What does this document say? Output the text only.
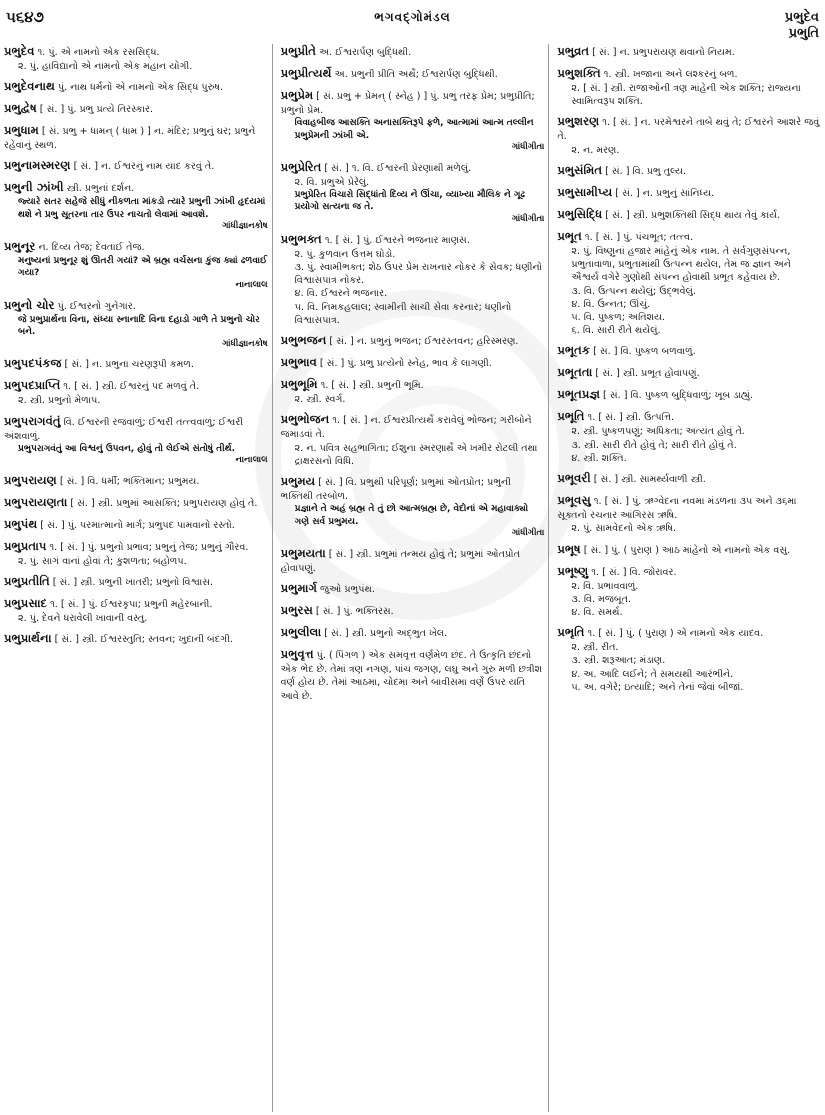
૫૬૪૭	ભગવદ્ગોમંડલ	પ્રભુદેવ
પ્રભુતિ

પ્રભુદેવ ૧. પું. એ નામનો એક રસસિદ્ધ.

૨. પું. હાવિદ્યાનો એ નામનો એક મહાન યોગી.

પ્રભુદેવનાથ પું. નાથ ધર્મનો એ નામનો એક સિદ્ધ પુરુષ.

પ્રભુદ્વેષ [ સં. ] પું. પ્રભુ પ્રત્યે તિરસ્કાર.

પ્રભુધામ [ સં. પ્રભુ + ધામન્ ( ધામ ) ] ન. મંદિર; પ્રભુનું ઘર; પ્રભુને રહેવાનું સ્થળ.

પ્રભુનામસ્મરણ [ સં. ] ન. ઈશ્વરનું નામ યાદ કરવું તે.

પ્રભુની ઝાંખી સ્ત્રી. પ્રભુનાં દર્શન.

જ્યારે સતર સહેજે સીધું નીકળતા માંકડો ત્યારે પ્રભુની ઝાંખી હૃદયમાં થશે ને પ્રભુ સૂતરના તાર ઉપર નાચતો લેવામાં આવશે.
ગાંધીજ્ઞાનકોષ

પ્રભુનૂર ન. દિવ્ય તેજ; દેવતાઈ તેજ.

મનુષ્યનાં પ્રભુનૂર શું ઊતરી ગયાં? એ બ્રહ્મ વર્ચસના કુંજ ક્યાં ઢળવાઈ ગયા?
નાનાલાલ

પ્રભુનો ચોર પું. ઈશ્વરનો ગુનેગાર.

જે પ્રભુપ્રાર્થના વિના, સંધ્યા સ્નાનાદિ વિના દહાડો ગાળે તે પ્રભુનો ચોર બને.
ગાંધીજ્ઞાનકોષ

પ્રભુપદપંકજ [ સં. ] ન. પ્રભુના ચરણરૂપી કમળ.

પ્રભુપદપ્રાપ્તિ ૧. [ સં. ] સ્ત્રી. ઈશ્વરનું પદ મળવું તે.

૨. સ્ત્રી. પ્રભુનો મેળાપ.

પ્રભુપરાગવંતું વિ. ઈશ્વરની રજવાળું; ઈશ્વરી તત્ત્વવાળું; ઈશ્વરી અંશવાળું.

પ્રભુપરાગવંતું આ વિશ્વનું ઉપવન, હોવું તો લેઈએ સંતોષું તીર્થ.
નાનાલાલ

પ્રભુપરાયણ [ સં. ] વિ. ધર્મી; ભક્તિમાન; પ્રભુમય.

પ્રભુપરાયણતા [ સં. ] સ્ત્રી. પ્રભુમાં આસક્તિ; પ્રભુપરાયણ હોવું તે.

પ્રભુપંથ [ સં. ] પું. પરમાત્માનો માર્ગ; પ્રભુપદ પામવાનો રસ્તો.

પ્રભુપ્રતાપ ૧. [ સં. ] પું. પ્રભુનો પ્રભાવ; પ્રભુનું તેજ; પ્રભુનું ગૌરવ.

૨. પું. સાગં વાનાં હોવાં તે; કુશળતા; બહોળપ.

પ્રભુપ્રતીતિ [ સં. ] સ્ત્રી. પ્રભુની ખાતરી; પ્રભુનો વિશ્વાસ.

પ્રભુપ્રસાદ ૧. [ સં. ] પું. ઈશ્વરકૃપા; પ્રભુની મહેરબાની.

૨. પું. દેવને ધરાવેલી ખાવાની વસ્તુ.

પ્રભુપ્રાર્થના [ સં. ] સ્ત્રી. ઈશ્વરસ્તુતિ; સ્તવન; ખુદાની બંદગી.

પ્રભુપ્રીતે અ. ઈશ્વરાર્પણ બુદ્ધિથી.

પ્રભુપ્રીત્યર્થે અ. પ્રભુની પ્રીતિ અર્થે; ઈશ્વરાર્પણ બુદ્ધિથી.

પ્રભુપ્રેમ [ સં. પ્રભુ + પ્રેમન્ ( સ્નેહ ) ] પું. પ્રભુ તરફ પ્રેમ; પ્રભુપ્રીતિ; પ્રભુનો પ્રેમ.

વિવાહબીજ આસક્તિ અનાસક્તિરૂપે ફળે, આત્મામાં આત્મ તલ્લીન પ્રભુપ્રેમની ઝાંખી એ.
ગાંધીગીતા

પ્રભુપ્રેરિત [ સં. ] ૧. વિ. ઈશ્વરની પ્રેરણાથી મળેલું.

૨. વિ. પ્રભુએ પ્રેરેલું.

પ્રભુપ્રેરિત વિચારો સિદ્ધાંતો દિવ્ય ને ઊંચા, વ્યાખ્યા મૌલિક ને ગૂઢ પ્રયોગો સત્યના જ તે.
ગાંધીગીતા

પ્રભુભક્ત ૧. [ સં. ] પું. ઈશ્વરને ભજનાર માણસ.

૨. પું. કુળવાન ઉત્તમ ઘોડો.

૩. પું. સ્વામીભક્ત; શેઠ ઉપર પ્રેમ રાખનાર નોકર કે સેવક; ધણીનો વિશ્વાસપાત્ર નોકર.

૪. વિ. ઈશ્વરને ભજનાર.

૫. વિ. નિમકહલાલ; સ્વામીની સાચી સેવા કરનાર; ધણીનો વિશ્વાસપાત્ર.

પ્રભુભજન [ સં. ] ન. પ્રભુનું ભજન; ઈશ્વરસ્તવન; હરિસ્મરણ.

પ્રભુભાવ [ સં. ] પું. પ્રભુ પ્રત્યેનો સ્નેહ, ભાવ કે લાગણી.

પ્રભુભૂમિ ૧. [ સં. ] સ્ત્રી. પ્રભુની ભૂમિ.

૨. સ્ત્રી. સ્વર્ગ.

પ્રભુભોજન ૧. [ સં. ] ન. ઈશ્વરપ્રીત્યર્થે કરાવેલું ભોજન; ગરીબોને જમાડવાં તે.

૨. ન. પવિત્ર સહભાગિતા; ઈશુના સ્મરણાર્થે એ ખમીર રોટલી તથા દ્રાક્ષરસનો વિધિ.

પ્રભુમય [ સં. ] વિ. પ્રભુથી પરિપૂર્ણ; પ્રભુમાં ઓતપ્રોત; પ્રભુની ભક્તિથી તરબોળ.

પ્રજ્ઞાને તે અહં બ્રહ્મ તે તું છો આત્મબ્રહ્મ છે, વેદોનાં એ મહાવાક્યો ગણે સર્વ પ્રભુમય.
ગાંધીગીતા

પ્રભુમયતા [ સં. ] સ્ત્રી. પ્રભુમાં તન્મય હોવું તે; પ્રભુમાં ઓતપ્રોત હોવાપણું.

પ્રભુમાર્ગ જુઓ પ્રભુપંથ.

પ્રભુરસ [ સં. ] પું. ભક્તિરસ.

પ્રભુલીલા [ સં. ] સ્ત્રી. પ્રભુનો અદ્ભુત ખેલ.

પ્રભુવૃત્ત પું. ( પિંગળ ) એક સમવૃત્ત વર્ણમેળ છંદ. તે ઉત્કૃતિ છંદનો એક ભેદ છે. તેમાં ત્રણ નગણ, પાંચ જગણ, લઘુ અને ગુરુ મળી છત્રીશ વર્ણ હોય છે. તેમાં આઠમા, ચોદમા અને બાવીસમા વર્ણે ઉપર યતિ આવે છે.

પ્રભુવ્રત [ સં. ] ન. પ્રભુપરાયણ થવાનો નિયમ.

પ્રભુશક્તિ ૧. સ્ત્રી. ખજાના અને લશ્કરનું બળ.

૨. [ સં. ] સ્ત્રી. રાજાઓની ત્રણ માંહેની એક શક્તિ; રાજ્યના સ્વામિત્વરૂપ શક્તિ.

પ્રભુશરણ ૧. [ સં. ] ન. પરમેશ્વરને તાબે થવું તે; ઈશ્વરને આશરે જવું તે.

૨. ન. મરણ.

પ્રભુસંમિત [ સં. ] વિ. પ્રભુ તુલ્ય.

પ્રભુસામીપ્ય [ સં. ] ન. પ્રભુનું સાંનિધ્ય.

પ્રભુસિદ્ધિ [ સં. ] સ્ત્રી. પ્રભુશક્તિથી સિદ્ધ થાય તેવું કાર્ય.

પ્રભૂત ૧. [ સં. ] પું. પંચભૂત; તત્ત્વ.

૨. પું. વિષ્ણુનાં હજાર માંહેનું એક નામ. તે સર્વગુણસંપન્ન, પ્રભુતાવાળા, પ્રભુતામાંથી ઉત્પન્ન થયેલ, તેમ જ જ્ઞાન અને ઐશ્વર્ય વગેરે ગુણોથી સંપન્ન હોવાથી પ્રભૂત કહેવાય છે.

૩. વિ. ઉત્પન્ન થયેલું; ઉદ્ભવેલું.

૪. વિ. ઉન્નત; ઊંચું.

૫. વિ. પુષ્કળ; અતિશય.

૬. વિ. સારી રીતે થયેલું.

પ્રભૂતક [ સં. ] વિ. પુષ્કળ બળવાળું.

પ્રભૂતતા [ સં. ] સ્ત્રી. પ્રભૂત હોવાપણું.

પ્રભૂતપ્રજ્ઞ [ સં. ] વિ. પુષ્કળ બુદ્ધિવાળું; ખૂબ ડાહ્યું.

પ્રભૂતિ ૧. [ સં. ] સ્ત્રી. ઉત્પત્તિ.

૨. સ્ત્રી. પુષ્કળપણું; અધિકતા; અત્યંત હોવું તે.

૩. સ્ત્રી. સારી રીતે હોવું તે; સારી રીતે હોવું તે.

૪. સ્ત્રી. શક્તિ.

પ્રભૂવરી [ સં. ] સ્ત્રી. સામર્થ્યવાળી સ્ત્રી.

પ્રભૂવસુ ૧. [ સં. ] પું. ઋગ્વેદના નવમા મંડળના ૩૫ અને ૩૬મા સૂક્તનો રચનાર આંગિરસ ઋષિ.

૨. પું. સામવેદનો એક ઋષિ.

પ્રભૂષ [ સં. ] પું. ( પુરાણ ) આઠ માંહેનો એ નામનો એક વસુ.

પ્રભૂષ્ણુ ૧. [ સં. ] વિ. જોરાવર.

૨. વિ. પ્રભાવવાળું.

૩. વિ. મજબૂત.

૪. વિ. સમર્થ.

પ્રભૃતિ ૧. [ સં. ] પું. ( પુરાણ ) એ નામનો એક યાદવ.

૨. સ્ત્રી. રીત.

૩. સ્ત્રી. શરૂઆત; મંડાણ.

૪. અ. આદિ લઈને; તે સમયથી આરંભીને.

૫. અ. વગેરે; ઇત્યાદિ; અને તેનાં જેવાં બીજાં.
